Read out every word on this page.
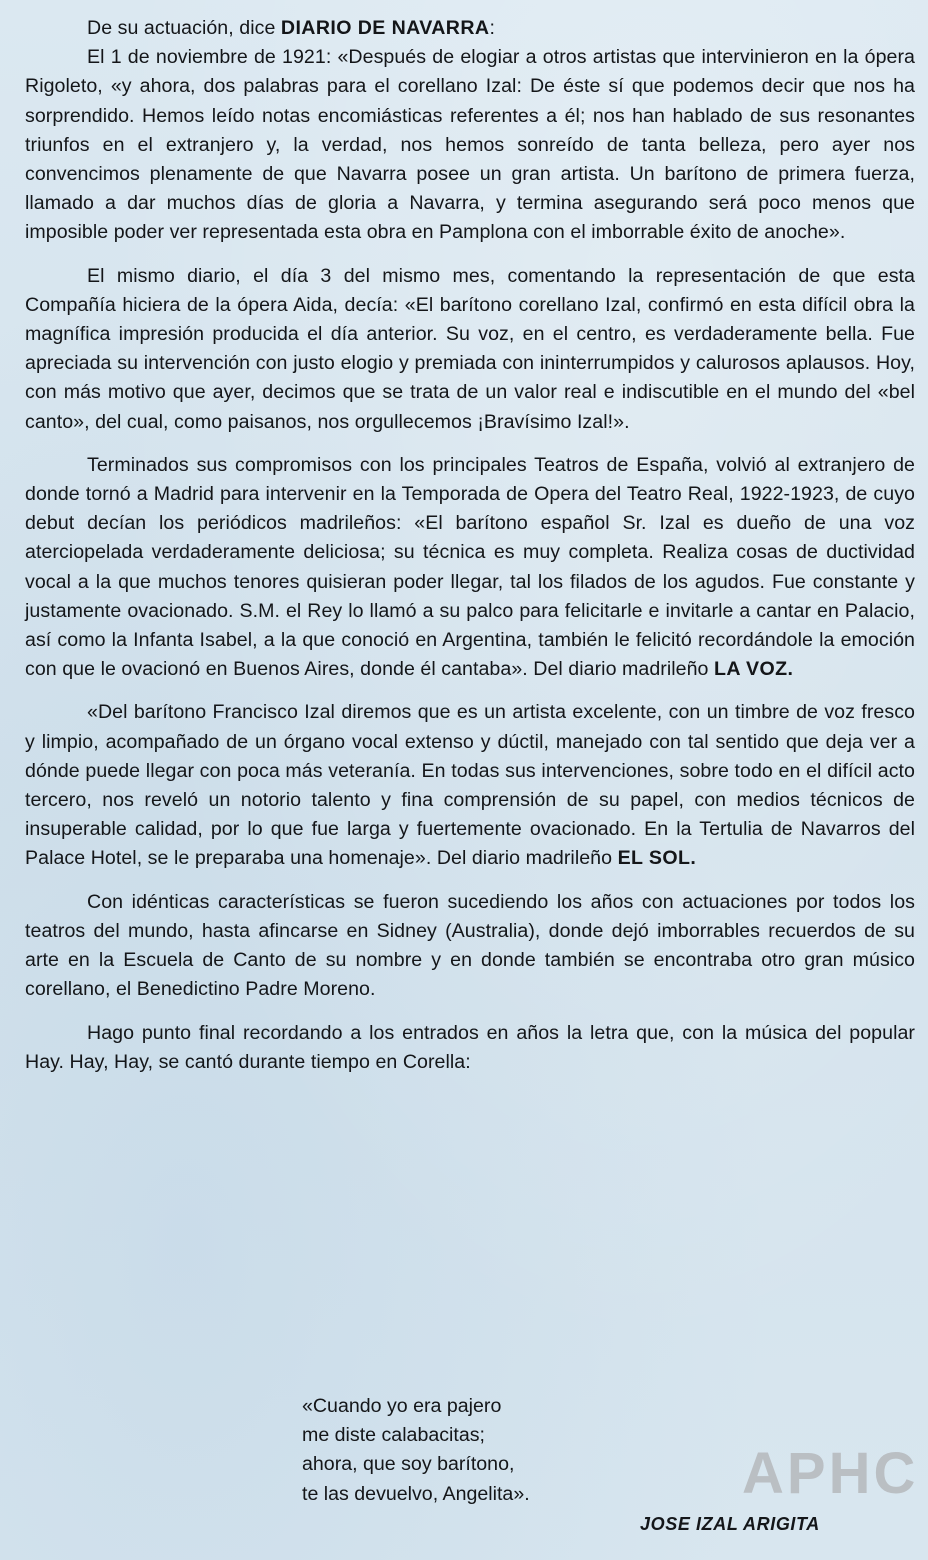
De su actuación, dice DIARIO DE NAVARRA:

El 1 de noviembre de 1921: «Después de elogiar a otros artistas que intervinieron en la ópera Rigoleto, «y ahora, dos palabras para el corellano Izal: De éste sí que podemos decir que nos ha sorprendido. Hemos leído notas encomiásticas referentes a él; nos han hablado de sus resonantes triunfos en el extranjero y, la verdad, nos hemos sonreído de tanta belleza, pero ayer nos convencimos plenamente de que Navarra posee un gran artista. Un barítono de primera fuerza, llamado a dar muchos días de gloria a Navarra, y termina asegurando será poco menos que imposible poder ver representada esta obra en Pamplona con el imborrable éxito de anoche».

El mismo diario, el día 3 del mismo mes, comentando la representación de que esta Compañía hiciera de la ópera Aida, decía: «El barítono corellano Izal, confirmó en esta difícil obra la magnífica impresión producida el día anterior. Su voz, en el centro, es verdaderamente bella. Fue apreciada su intervención con justo elogio y premiada con ininterrumpidos y calurosos aplausos. Hoy, con más motivo que ayer, decimos que se trata de un valor real e indiscutible en el mundo del «bel canto», del cual, como paisanos, nos orgullecemos ¡Bravísimo Izal!».

Terminados sus compromisos con los principales Teatros de España, volvió al extranjero de donde tornó a Madrid para intervenir en la Temporada de Opera del Teatro Real, 1922-1923, de cuyo debut decían los periódicos madrileños: «El barítono español Sr. Izal es dueño de una voz aterciopelada verdaderamente deliciosa; su técnica es muy completa. Realiza cosas de ductividad vocal a la que muchos tenores quisieran poder llegar, tal los filados de los agudos. Fue constante y justamente ovacionado. S.M. el Rey lo llamó a su palco para felicitarle e invitarle a cantar en Palacio, así como la Infanta Isabel, a la que conoció en Argentina, también le felicitó recordándole la emoción con que le ovacionó en Buenos Aires, donde él cantaba». Del diario madrileño LA VOZ.

«Del barítono Francisco Izal diremos que es un artista excelente, con un timbre de voz fresco y limpio, acompañado de un órgano vocal extenso y dúctil, manejado con tal sentido que deja ver a dónde puede llegar con poca más veteranía. En todas sus intervenciones, sobre todo en el difícil acto tercero, nos reveló un notorio talento y fina comprensión de su papel, con medios técnicos de insuperable calidad, por lo que fue larga y fuertemente ovacionado. En la Tertulia de Navarros del Palace Hotel, se le preparaba una homenaje». Del diario madrileño EL SOL.

Con idénticas características se fueron sucediendo los años con actuaciones por todos los teatros del mundo, hasta afincarse en Sidney (Australia), donde dejó imborrables recuerdos de su arte en la Escuela de Canto de su nombre y en donde también se encontraba otro gran músico corellano, el Benedictino Padre Moreno.

Hago punto final recordando a los entrados en años la letra que, con la música del popular Hay. Hay, Hay, se cantó durante tiempo en Corella:

«Cuando yo era pajero
me diste calabacitas;
ahora, que soy barítono,
te las devuelvo, Angelita».	APHC
JOSE IZAL ARIGITA
